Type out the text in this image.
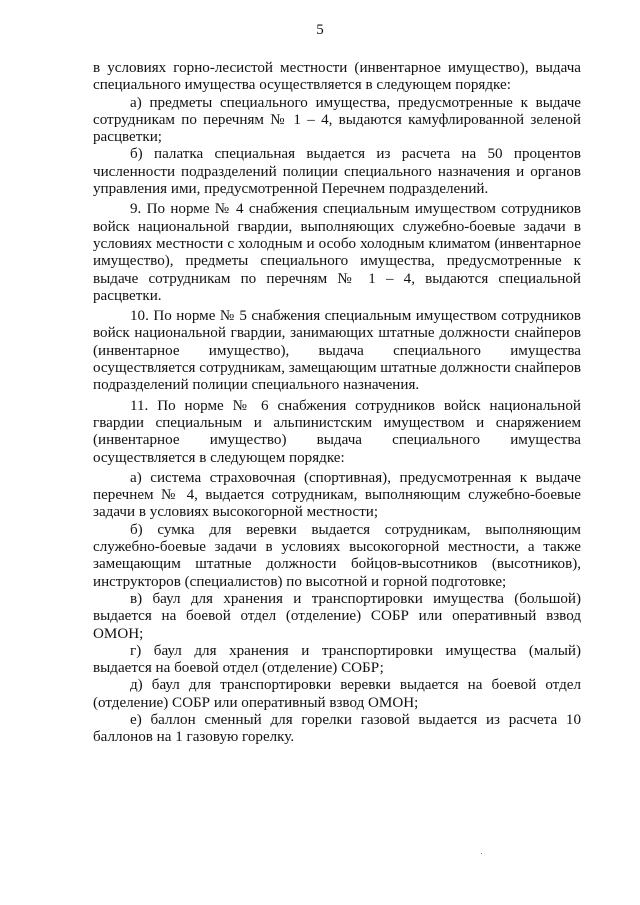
5

в условиях горно-лесистой местности (инвентарное имущество), выдача специального имущества осуществляется в следующем порядке:

а) предметы специального имущества, предусмотренные к выдаче сотрудникам по перечням № 1 – 4, выдаются камуфлированной зеленой расцветки;

б) палатка специальная выдается из расчета на 50 процентов численности подразделений полиции специального назначения и органов управления ими, предусмотренной Перечнем подразделений.

9. По норме № 4 снабжения специальным имуществом сотрудников войск национальной гвардии, выполняющих служебно-боевые задачи в условиях местности с холодным и особо холодным климатом (инвентарное имущество), предметы специального имущества, предусмотренные к выдаче сотрудникам по перечням № 1 – 4, выдаются специальной расцветки.

10. По норме № 5 снабжения специальным имуществом сотрудников войск национальной гвардии, занимающих штатные должности снайперов (инвентарное имущество), выдача специального имущества осуществляется сотрудникам, замещающим штатные должности снайперов подразделений полиции специального назначения.

11. По норме № 6 снабжения сотрудников войск национальной гвардии специальным и альпинистским имуществом и снаряжением (инвентарное имущество) выдача специального имущества осуществляется в следующем порядке:

а) система страховочная (спортивная), предусмотренная к выдаче перечнем № 4, выдается сотрудникам, выполняющим служебно-боевые задачи в условиях высокогорной местности;

б) сумка для веревки выдается сотрудникам, выполняющим служебно-боевые задачи в условиях высокогорной местности, а также замещающим штатные должности бойцов-высотников (высотников), инструкторов (специалистов) по высотной и горной подготовке;

в) баул для хранения и транспортировки имущества (большой) выдается на боевой отдел (отделение) СОБР или оперативный взвод ОМОН;

г) баул для хранения и транспортировки имущества (малый) выдается на боевой отдел (отделение) СОБР;

д) баул для транспортировки веревки выдается на боевой отдел (отделение) СОБР или оперативный взвод ОМОН;

е) баллон сменный для горелки газовой выдается из расчета 10 баллонов на 1 газовую горелку.
